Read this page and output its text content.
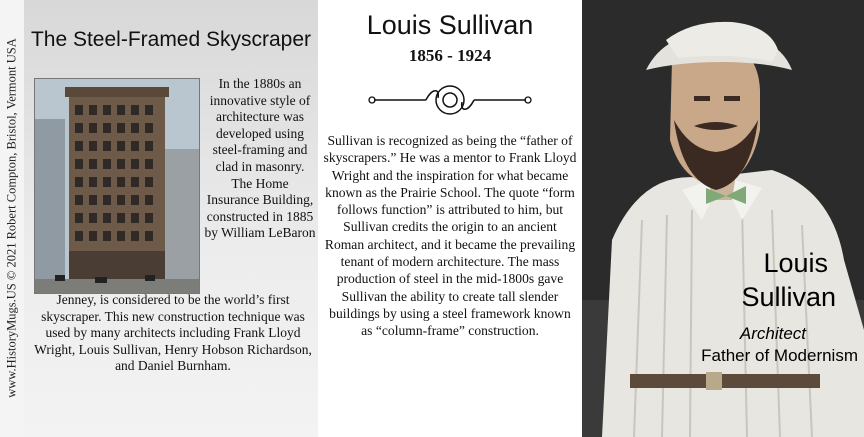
www.HistoryMugs.US © 2021 Robert Compton, Bristol, Vermont USA The Steel-Framed Skyscraper
In the 1880s an innovative style of architecture was developed using steel-framing and clad in masonry. The Home Insurance Building, constructed in 1885 by William LeBaron
Jenney, is considered to be the world’s first skyscraper. This new construction technique was used by many architects including Frank Lloyd Wright, Louis Sullivan, Henry Hobson Richardson, and Daniel Burnham.
Louis Sullivan
1856 - 1924
Sullivan is recognized as being the “father of skyscrapers.” He was a mentor to Frank Lloyd Wright and the inspiration for what became known as the Prairie School. The quote “form follows function” is attributed to him, but Sullivan credits the origin to an ancient Roman architect, and it became the prevailing tenant of modern architecture. The mass production of steel in the mid-1800s gave Sullivan the ability to create tall slender buildings by using a steel framework known as “column-frame” construction.
Louis
Sullivan
Architect
Father of Modernism
